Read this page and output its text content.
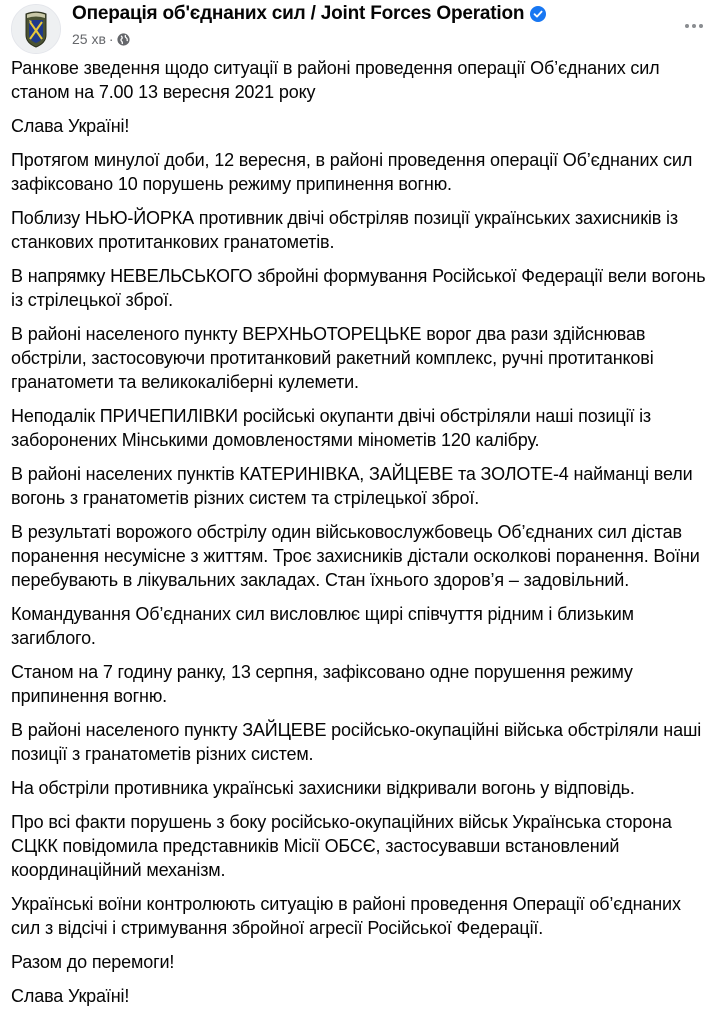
Операція об'єднаних сил / Joint Forces Operation
25 хв ·

Ранкове зведення щодо ситуації в районі проведення операції Об’єднаних сил станом на 7.00 13 вересня 2021 року

Слава Україні!

Протягом минулої доби, 12 вересня, в районі проведення операції Об’єднаних сил зафіксовано 10 порушень режиму припинення вогню.

Поблизу НЬЮ-ЙОРКА противник двічі обстріляв позиції українських захисників із станкових протитанкових гранатометів.

В напрямку НЕВЕЛЬСЬКОГО збройні формування Російської Федерації вели вогонь із стрілецької зброї.

В районі населеного пункту ВЕРХНЬОТОРЕЦЬКЕ ворог два рази здійснював обстріли, застосовуючи протитанковий ракетний комплекс, ручні протитанкові гранатомети та великокаліберні кулемети.

Неподалік ПРИЧЕПИЛІВКИ російські окупанти двічі обстріляли наші позиції із заборонених Мінськими домовленостями мінометів 120 калібру.

В районі населених пунктів КАТЕРИНІВКА, ЗАЙЦЕВЕ та ЗОЛОТЕ-4 найманці вели вогонь з гранатометів різних систем та стрілецької зброї.

В результаті ворожого обстрілу один військовослужбовець Об’єднаних сил дістав поранення несумісне з життям. Троє захисників дістали осколкові поранення. Воїни перебувають в лікувальних закладах. Стан їхнього здоров’я – задовільний.

Командування Об’єднаних сил висловлює щирі співчуття рідним і близьким загиблого.

Станом на 7 годину ранку, 13 серпня, зафіксовано одне порушення режиму припинення вогню.

В районі населеного пункту ЗАЙЦЕВЕ російсько-окупаційні війська обстріляли наші позиції з гранатометів різних систем.

На обстріли противника українські захисники відкривали вогонь у відповідь.

Про всі факти порушень з боку російсько-окупаційних військ Українська сторона СЦКК повідомила представників Місії ОБСЄ, застосувавши встановлений координаційний механізм.

Українські воїни контролюють ситуацію в районі проведення Операції об’єднаних сил з відсічі і стримування збройної агресії Російської Федерації.

Разом до перемоги!

Слава Україні!
